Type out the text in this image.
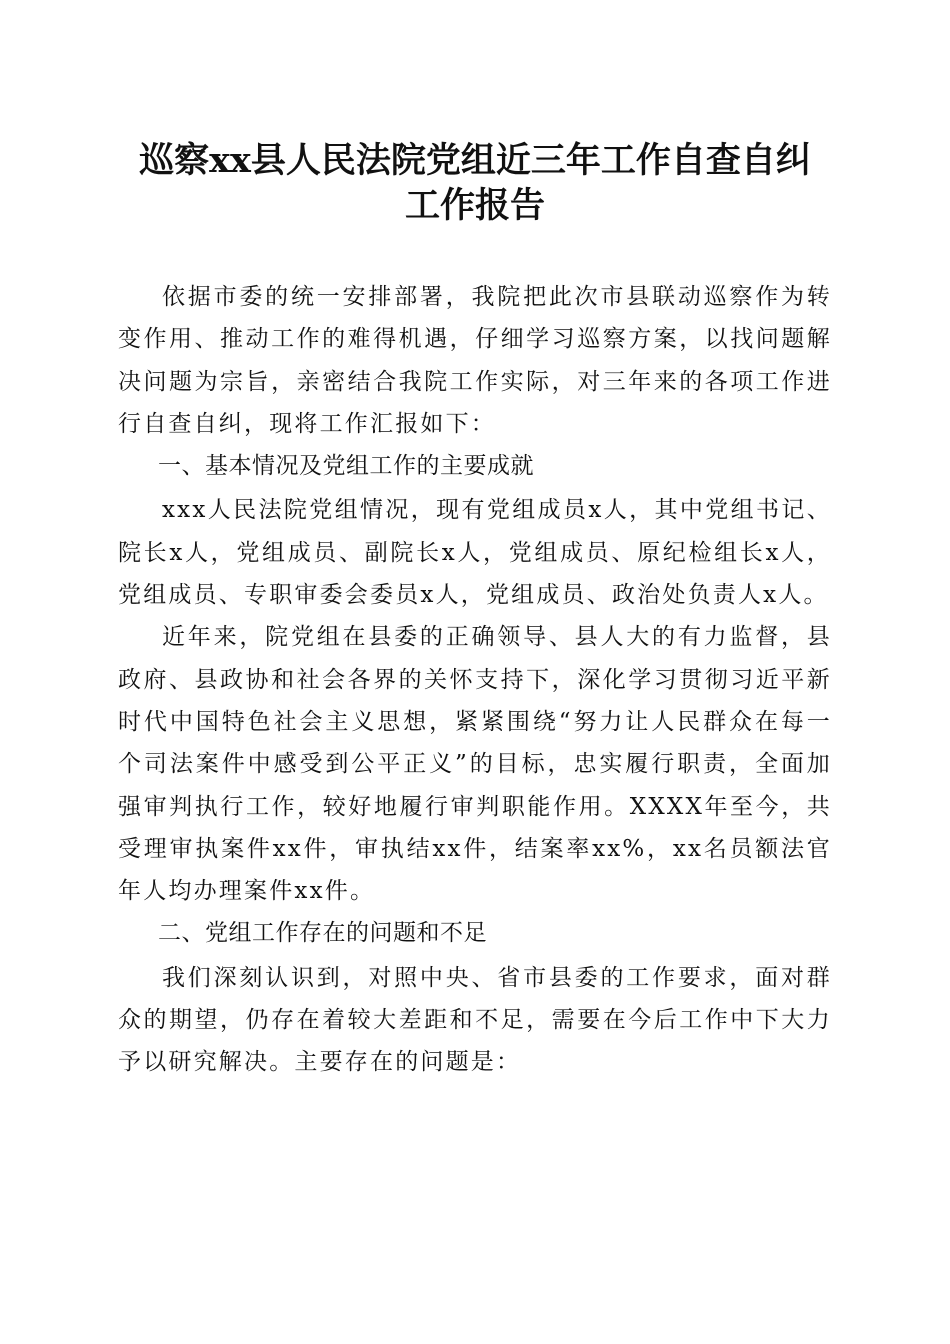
巡察xx县人民法院党组近三年工作自查自纠
工作报告

依据市委的统一安排部署，我院把此次市县联动巡察作为转变作用、推动工作的难得机遇，仔细学习巡察方案，以找问题解决问题为宗旨，亲密结合我院工作实际，对三年来的各项工作进行自查自纠，现将工作汇报如下：

一、基本情况及党组工作的主要成就

xxx人民法院党组情况，现有党组成员x人，其中党组书记、院长x人，党组成员、副院长x人，党组成员、原纪检组长x人，党组成员、专职审委会委员x人，党组成员、政治处负责人x人。

近年来，院党组在县委的正确领导、县人大的有力监督，县政府、县政协和社会各界的关怀支持下，深化学习贯彻习近平新时代中国特色社会主义思想，紧紧围绕“努力让人民群众在每一个司法案件中感受到公平正义”的目标，忠实履行职责，全面加强审判执行工作，较好地履行审判职能作用。XXXX年至今，共受理审执案件xx件，审执结xx件，结案率xx%，xx名员额法官年人均办理案件xx件。

二、党组工作存在的问题和不足

我们深刻认识到，对照中央、省市县委的工作要求，面对群众的期望，仍存在着较大差距和不足，需要在今后工作中下大力予以研究解决。主要存在的问题是：
